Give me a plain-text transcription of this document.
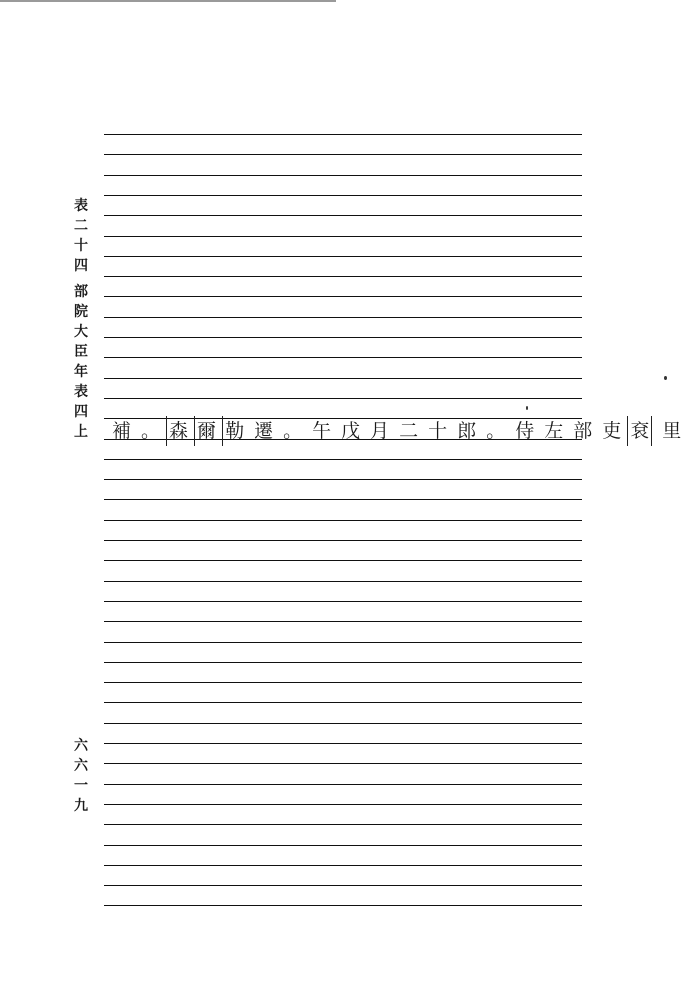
表
二
十
四
部
院
大
臣
年
表
四
上
六
六
一
九
補 。 森 爾 勒 遷 。 午 戊 月 二 十 郎 。 侍 左 部 吏 袞 里
